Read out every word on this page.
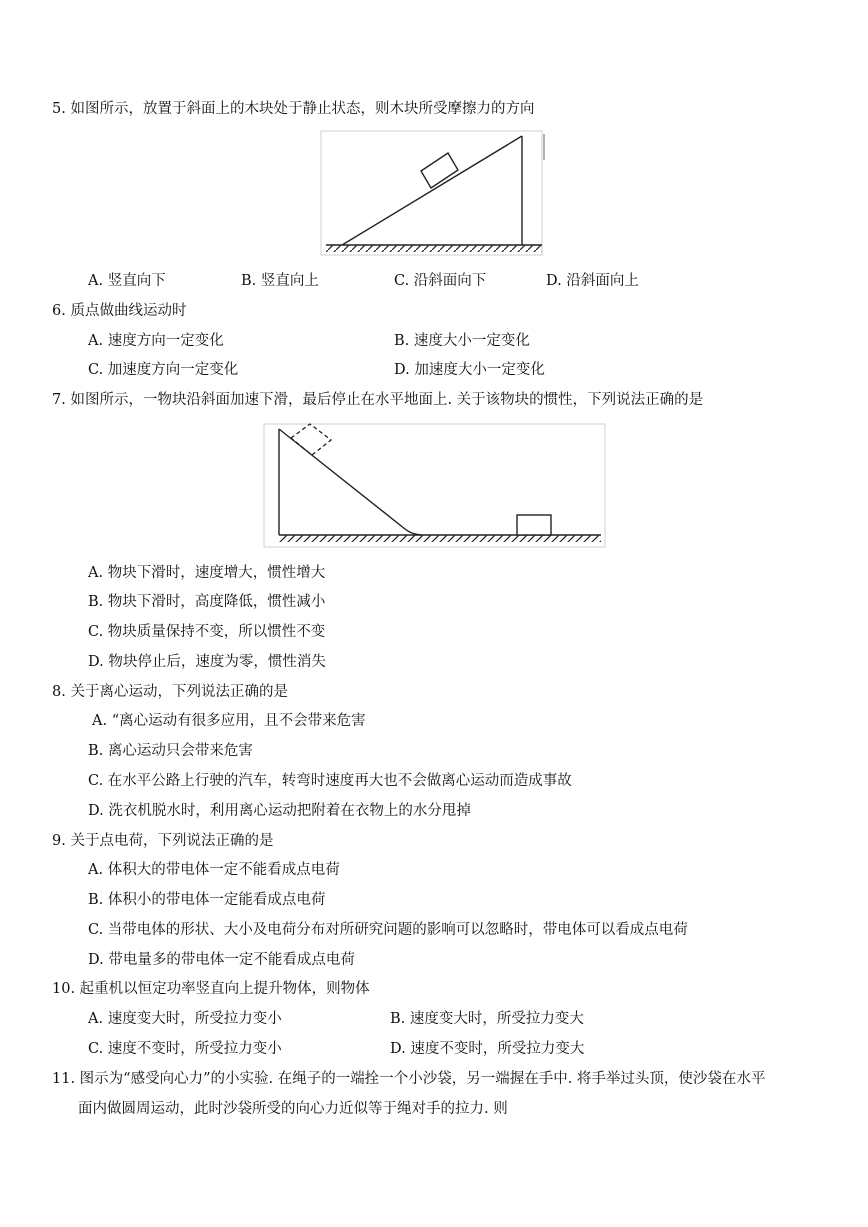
5. 如图所示，放置于斜面上的木块处于静止状态，则木块所受摩擦力的方向
A. 竖直向下	B. 竖直向上	C. 沿斜面向下	D. 沿斜面向上
6. 质点做曲线运动时
A. 速度方向一定变化	B. 速度大小一定变化
C. 加速度方向一定变化	D. 加速度大小一定变化
7. 如图所示，一物块沿斜面加速下滑，最后停止在水平地面上. 关于该物块的惯性，下列说法正确的是
A. 物块下滑时，速度增大，惯性增大
B. 物块下滑时，高度降低，惯性减小
C. 物块质量保持不变，所以惯性不变
D. 物块停止后，速度为零，惯性消失
8. 关于离心运动，下列说法正确的是
A. “离心运动有很多应用，且不会带来危害
B. 离心运动只会带来危害
C. 在水平公路上行驶的汽车，转弯时速度再大也不会做离心运动而造成事故
D. 洗衣机脱水时，利用离心运动把附着在衣物上的水分甩掉
9. 关于点电荷，下列说法正确的是
A. 体积大的带电体一定不能看成点电荷
B. 体积小的带电体一定能看成点电荷
C. 当带电体的形状、大小及电荷分布对所研究问题的影响可以忽略时，带电体可以看成点电荷
D. 带电量多的带电体一定不能看成点电荷
10. 起重机以恒定功率竖直向上提升物体，则物体
A. 速度变大时，所受拉力变小	B. 速度变大时，所受拉力变大
C. 速度不变时，所受拉力变小	D. 速度不变时，所受拉力变大
11. 图示为“感受向心力”的小实验. 在绳子的一端拴一个小沙袋，另一端握在手中. 将手举过头顶，使沙袋在水平
面内做圆周运动，此时沙袋所受的向心力近似等于绳对手的拉力. 则
